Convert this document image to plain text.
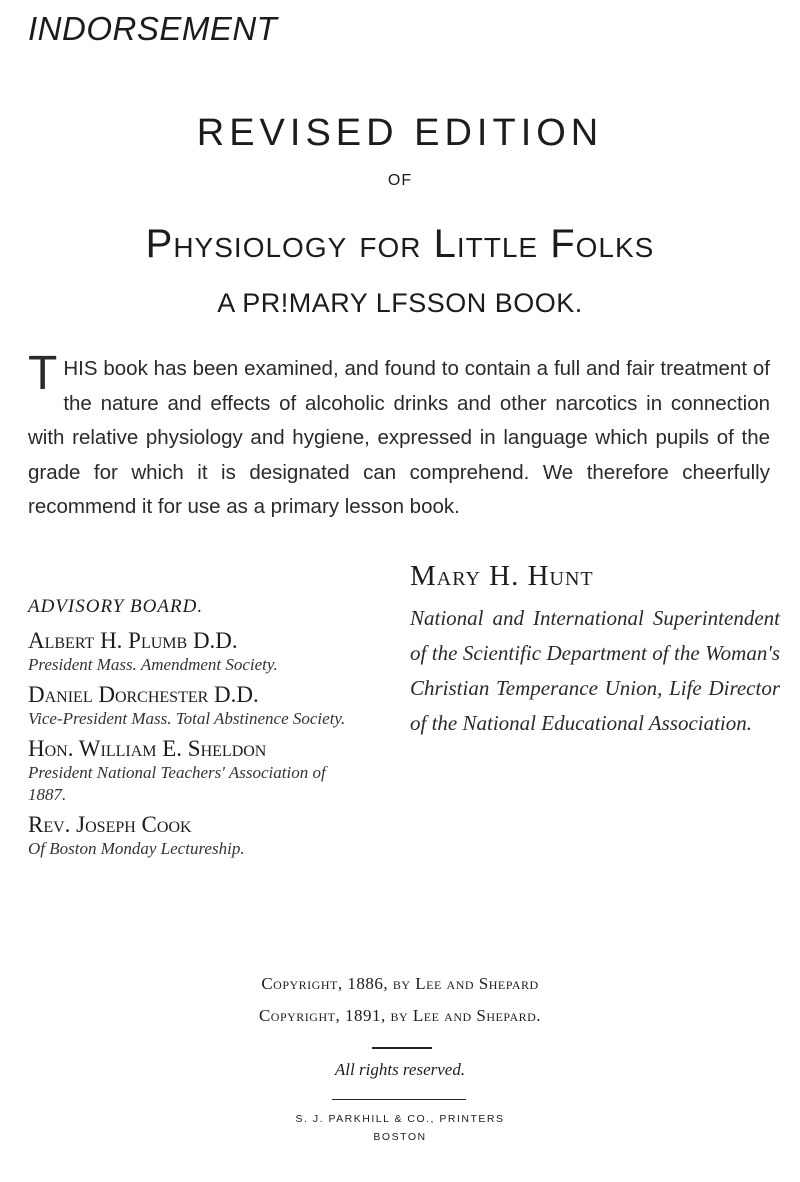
INDORSEMENT
REVISED EDITION
OF
Physiology for Little Folks
A PR!MARY LFSSON BOOK.
THIS book has been examined, and found to contain a full and fair treatment of the nature and effects of alcoholic drinks and other narcotics in connection with relative physiology and hygiene, expressed in language which pupils of the grade for which it is designated can comprehend. We therefore cheerfully recommend it for use as a primary lesson book.
ADVISORY BOARD.
Albert H. Plumb D.D.
President Mass. Amendment Society.
Daniel Dorchester D.D.
Vice-President Mass. Total Abstinence Society.
Hon. William E. Sheldon
President National Teachers' Association of 1887.
Rev. Joseph Cook
Of Boston Monday Lectureship.
Mary H. Hunt
National and International Superintendent of the Scientific Department of the Woman's Christian Temperance Union, Life Director of the National Educational Association.
Copyright, 1886, by Lee and Shepard
Copyright, 1891, by Lee and Shepard.
All rights reserved.
S. J. PARKHILL & CO., PRINTERS
BOSTON
